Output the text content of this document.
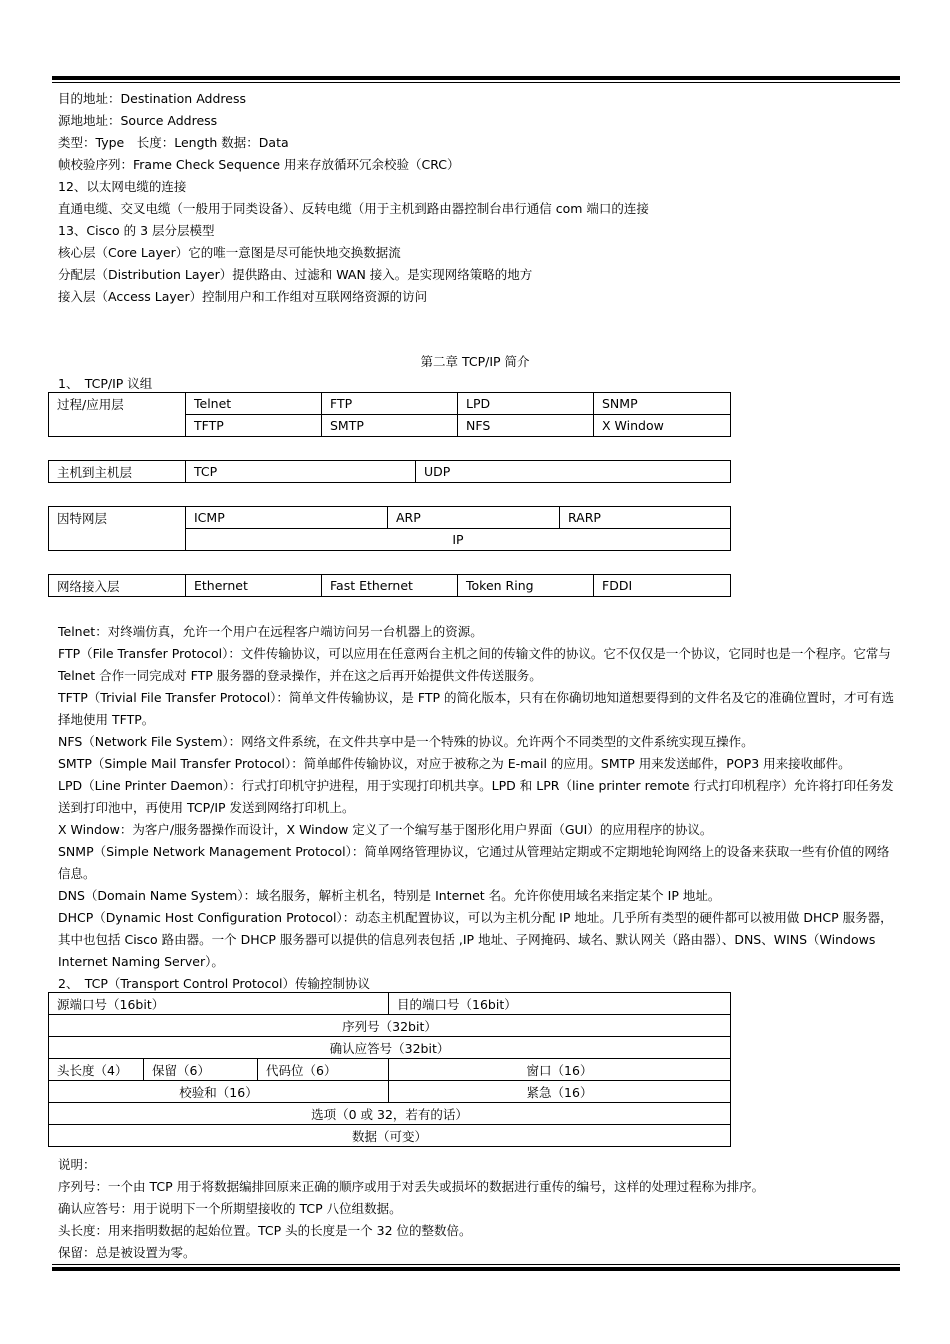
目的地址：Destination Address
源地地址：Source Address
类型：Type　长度：Length 数据：Data
帧校验序列：Frame Check Sequence 用来存放循环冗余校验（CRC）
12、以太网电缆的连接
直通电缆、交叉电缆（一般用于同类设备）、反转电缆（用于主机到路由器控制台串行通信 com 端口的连接
13、Cisco 的 3 层分层模型
核心层（Core Layer）它的唯一意图是尽可能快地交换数据流
分配层（Distribution Layer）提供路由、过滤和 WAN 接入。是实现网络策略的地方
接入层（Access Layer）控制用户和工作组对互联网络资源的访问
第二章 TCP/IP 简介
1、　TCP/IP 议组
过程/应用层	Telnet	FTP	LPD	SNMP
	TFTP	SMTP	NFS	X Window
主机到主机层	TCP	UDP
因特网层	ICMP	ARP	RARP
IP
网络接入层	Ethernet	Fast Ethernet	Token Ring	FDDI
Telnet：对终端仿真，允许一个用户在远程客户端访问另一台机器上的资源。
FTP（File Transfer Protocol）：文件传输协议，可以应用在任意两台主机之间的传输文件的协议。它不仅仅是一个协议，它同时也是一个程序。它常与 Telnet 合作一同完成对 FTP 服务器的登录操作，并在这之后再开始提供文件传送服务。
TFTP（Trivial File Transfer Protocol）：简单文件传输协议，是 FTP 的简化版本，只有在你确切地知道想要得到的文件名及它的准确位置时，才可有选择地使用 TFTP。
NFS（Network File System）：网络文件系统，在文件共享中是一个特殊的协议。允许两个不同类型的文件系统实现互操作。
SMTP（Simple Mail Transfer Protocol）：简单邮件传输协议，对应于被称之为 E-mail 的应用。SMTP 用来发送邮件，POP3 用来接收邮件。
LPD（Line Printer Daemon）：行式打印机守护进程，用于实现打印机共享。LPD 和 LPR（line printer remote 行式打印机程序）允许将打印任务发送到打印池中，再使用 TCP/IP 发送到网络打印机上。
X Window：为客户/服务器操作而设计，X Window 定义了一个编写基于图形化用户界面（GUI）的应用程序的协议。
SNMP（Simple Network Management Protocol）：简单网络管理协议，它通过从管理站定期或不定期地轮询网络上的设备来获取一些有价值的网络信息。
DNS（Domain Name System）：域名服务，解析主机名，特别是 Internet 名。允许你使用域名来指定某个 IP 地址。
DHCP（Dynamic Host Configuration Protocol）：动态主机配置协议，可以为主机分配 IP 地址。几乎所有类型的硬件都可以被用做 DHCP 服务器，其中也包括 Cisco 路由器。一个 DHCP 服务器可以提供的信息列表包括 ,IP 地址、子网掩码、域名、默认网关（路由器）、DNS、WINS（Windows Internet Naming Server）。
2、　TCP（Transport Control Protocol）传输控制协议
源端口号（16bit）			目的端口号（16bit）
序列号（32bit）			
确认应答号（32bit）			
头长度（4）	保留（6）	代码位（6）	窗口（16）
校验和（16）			紧急（16）
选项（0 或 32，若有的话）			
数据（可变）			
说明：
序列号：一个由 TCP 用于将数据编排回原来正确的顺序或用于对丢失或损坏的数据进行重传的编号，这样的处理过程称为排序。
确认应答号：用于说明下一个所期望接收的 TCP 八位组数据。
头长度：用来指明数据的起始位置。TCP 头的长度是一个 32 位的整数倍。
保留：总是被设置为零。
